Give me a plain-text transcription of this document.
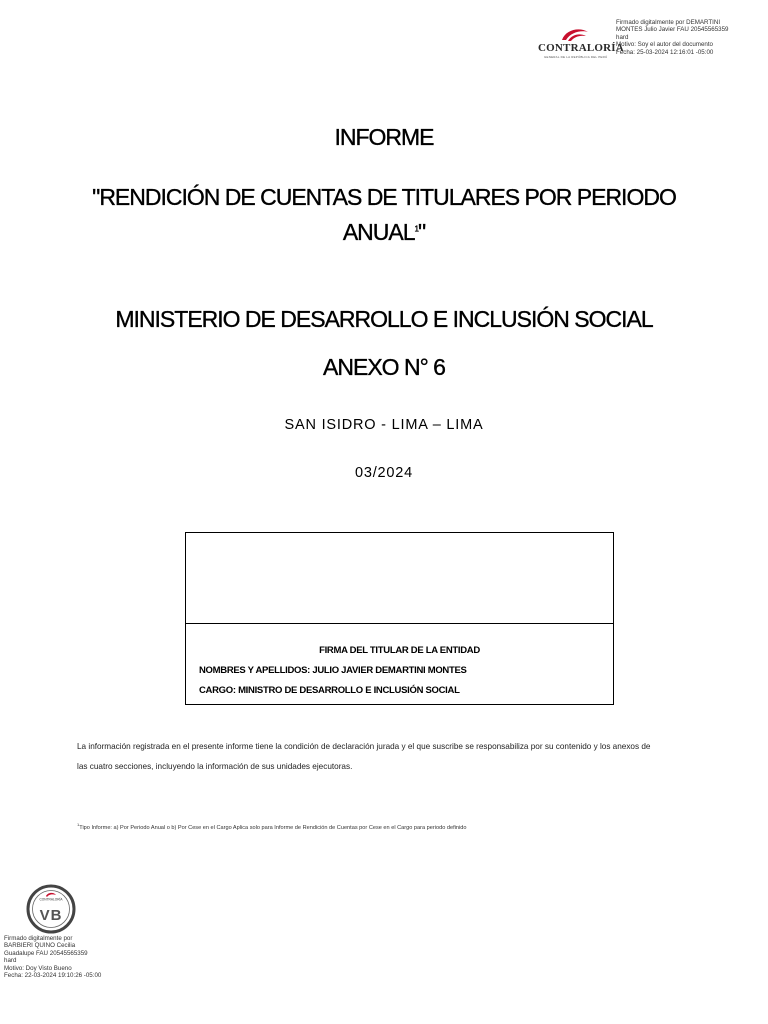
CONTRALORÍA
GENERAL DE LA REPÚBLICA DEL PERÚ
Firmado digitalmente por DEMARTINI
MONTES Julio Javier FAU 20545565359
hard
Motivo: Soy el autor del documento
Fecha: 25-03-2024 12:16:01 -05:00
INFORME
"RENDICIÓN DE CUENTAS DE TITULARES POR PERIODO
ANUAL$^1$"
MINISTERIO DE DESARROLLO E INCLUSIÓN SOCIAL
ANEXO N° 6
SAN ISIDRO - LIMA – LIMA
03/2024
FIRMA DEL TITULAR DE LA ENTIDAD
NOMBRES Y APELLIDOS: JULIO JAVIER DEMARTINI MONTES
CARGO: MINISTRO DE DESARROLLO E INCLUSIÓN SOCIAL
La información registrada en el presente informe tiene la condición de declaración jurada y el que suscribe se responsabiliza por su contenido y los anexos de
las cuatro secciones, incluyendo la información de sus unidades ejecutoras.
$^1$Tipo Informe: a) Por Periodo Anual o b) Por Cese en el Cargo Aplica solo para Informe de Rendición de Cuentas por Cese en el Cargo para periodo definido
CONTRALORÍA
VB
Firmado digitalmente por
BARBIERI QUINO Cecilia
Guadalupe FAU 20545565359
hard
Motivo: Doy Visto Bueno
Fecha: 22-03-2024 19:10:26 -05:00
